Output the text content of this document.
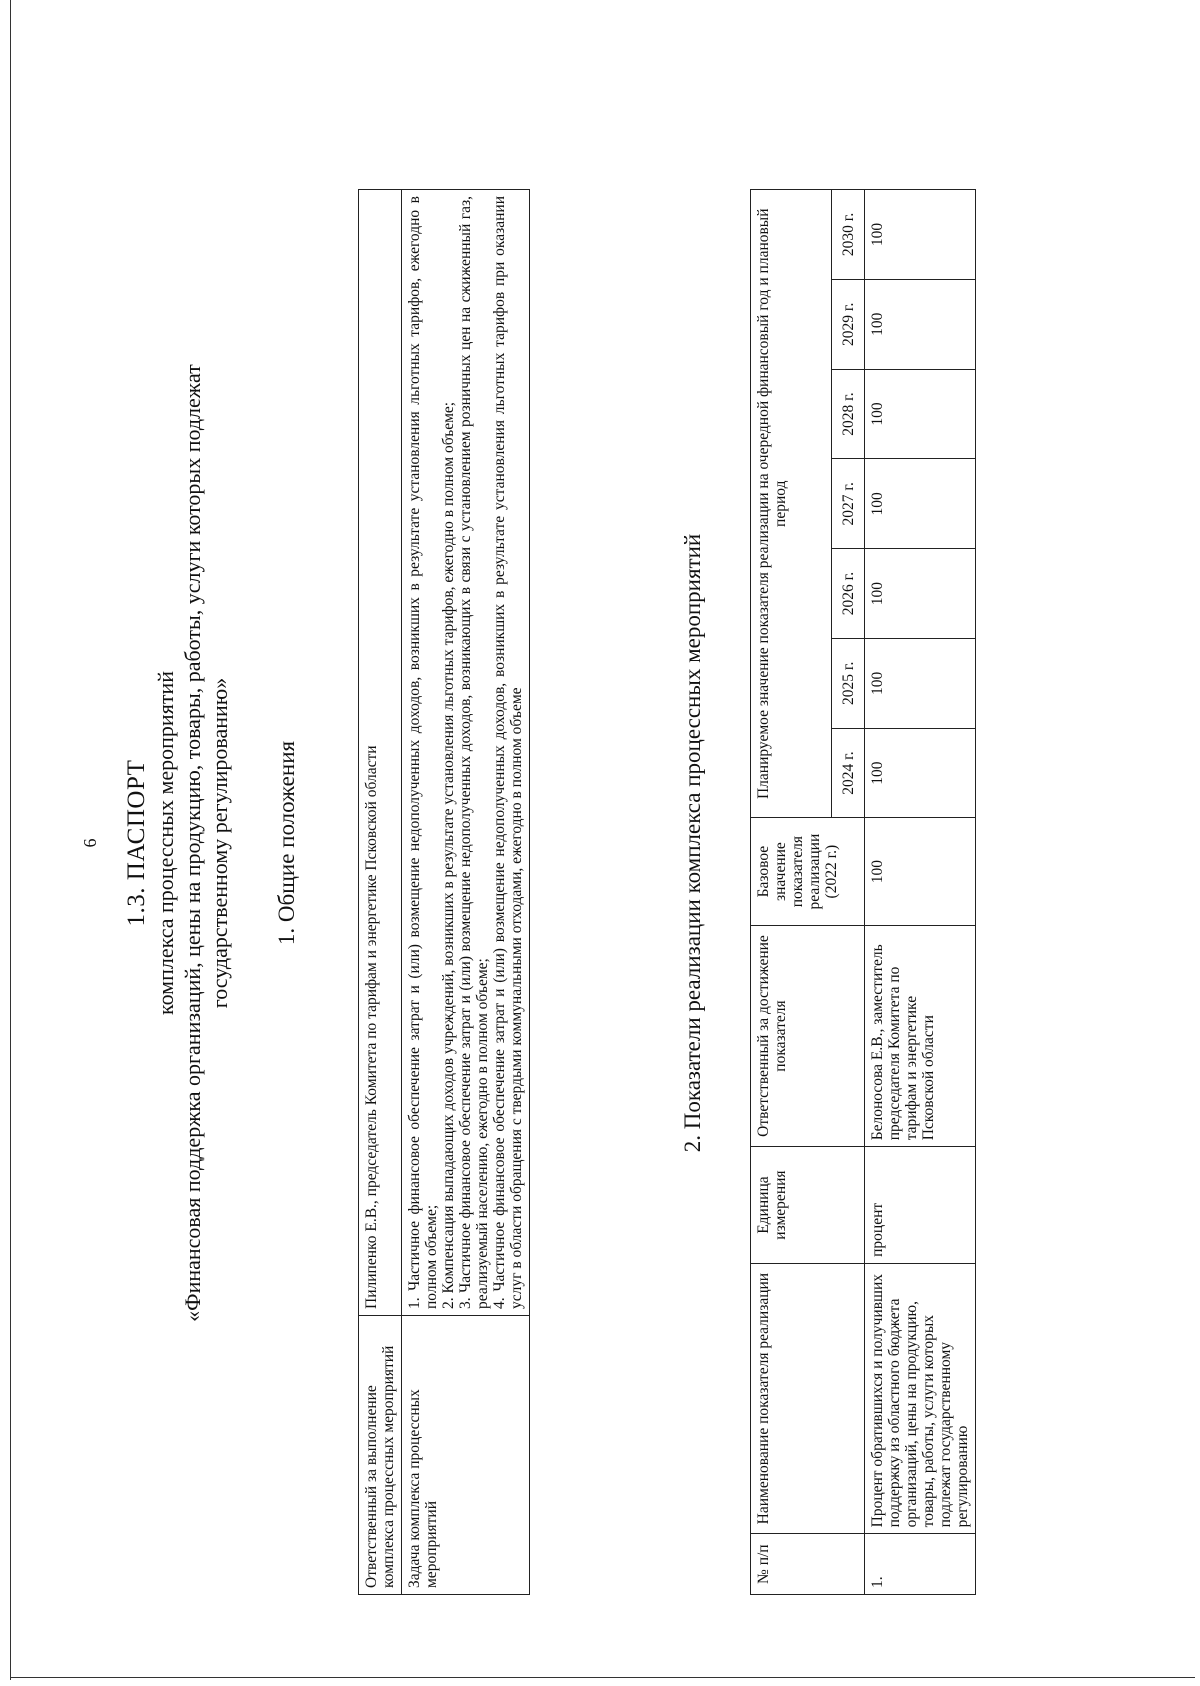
6 1.3. ПАСПОРТ комплекса процессных мероприятий «Финансовая поддержка организаций, цены на продукцию, товары, работы, услуги которых подлежат государственному регулированию» 1. Общие положения
Ответственный за выполнение комплекса процессных мероприятий	Пилипенко Е.В., председатель Комитета по тарифам и энергетике Псковской области
Задача комплекса процессных мероприятий	1. Частичное финансовое обеспечение затрат и (или) возмещение недополученных доходов, возникших в результате установления льготных тарифов, ежегодно в полном объеме; 2. Компенсация выпадающих доходов учреждений, возникших в результате установления льготных тарифов, ежегодно в полном объеме; 3. Частичное финансовое обеспечение затрат и (или) возмещение недополученных доходов, возникающих в связи с установлением розничных цен на сжиженный газ, реализуемый населению, ежегодно в полном объеме; 4. Частичное финансовое обеспечение затрат и (или) возмещение недополученных доходов, возникших в результате установления льготных тарифов при оказании услуг в области обращения с твердыми коммунальными отходами, ежегодно в полном объеме	2. Показатели реализации комплекса процессных мероприятий
№ п/п	Наименование показателя реализации	Единица измерения	Ответственный за достижение показателя	Базовое значение показателя реализации (2022 г.)	Планируемое значение показателя реализации на очередной финансовый год и плановый период						
					2024 г.	2025 г.	2026 г.	2027 г.	2028 г.	2029 г.	2030 г.
1.	Процент обратившихся и получивших поддержку из областного бюджета организаций, цены на продукцию, товары, работы, услуги которых подлежат государственному регулированию	процент	Белоносова Е.В., заместитель председателя Комитета по тарифам и энергетике Псковской области	100	100	100	100	100	100	100	100
